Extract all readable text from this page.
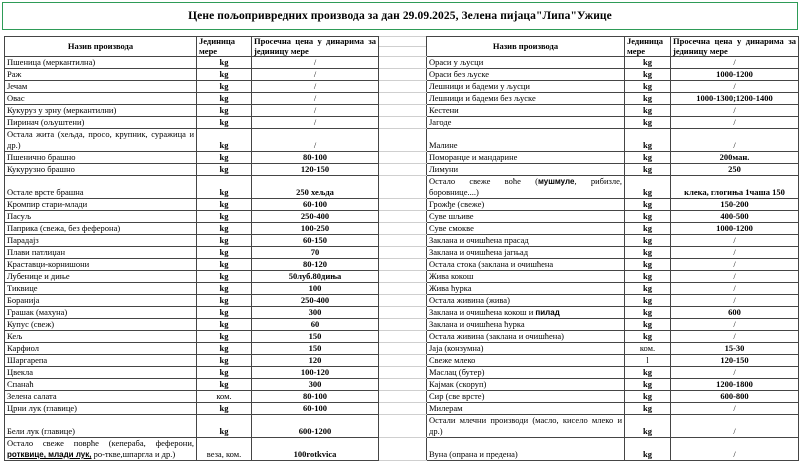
Цене пољопривредних производа за дан 29.09.2025, Зелена пијаца"Липа"Ужице
Назив производа	Јединица мере	Просечна цена у динарима за јединицу мере		Назив производа	Јединица мере	Просечна цена у динарима за јединицу мере
Пшеница (меркантилна)	kg	/		Ораси у љусци	kg	/
Раж	kg	/		Ораси без љуске	kg	1000-1200
Јечам	kg	/		Лешници и бадеми у љусци	kg	/
Овас	kg	/		Лешници и бадеми без љуске	kg	1000-1300;1200-1400
Кукуруз у зрну (меркантилни)	kg	/		Кестени	kg	/
Пиринач (ољуштени)	kg	/		Јагоде	kg	/
Остала жита (хељда, просо, крупник, суражица и др.)	kg	/		Малине	kg	/
Пшенично брашно	kg	80-100		Поморанџе и мандарине	kg	200ман.
Кукурузно брашно	kg	120-150		Лимуни	kg	250
Остале врсте брашна	kg	250 хељда		Остало свеже воће (мушмуле, рибизле, боровнице....)	kg	клека, глогиња 1чаша 150
Кромпир стари-млади	kg	60-100		Грожђе (свеже)	kg	150-200
Пасуљ	kg	250-400		Суве шљиве	kg	400-500
Паприка (свежа, без феферона)	kg	100-250		Суве смокве	kg	1000-1200
Парадајз	kg	60-150		Заклана и очишћена прасад	kg	/
Плави патлиџан	kg	70		Заклана и очишћена јагњад	kg	/
Краставци-корнишони	kg	80-120		Остала стока (заклана и очишћена	kg	/
Лубенице и диње	kg	50луб.80диња		Жива кокош	kg	/
Тиквице	kg	100		Жива ћурка	kg	/
Боранија	kg	250-400		Остала живина (жива)	kg	/
Грашак (махуна)	kg	300		Заклана и очишћена кокош и пилад	kg	600
Купус (свеж)	kg	60		Заклана и очишћена ћурка	kg	/
Кељ	kg	150		Остала живина (заклана и очишћена)	kg	/
Карфиол	kg	150		Јаја (конзумна)	ком.	15-30
Шаргарепа	kg	120		Свеже млеко	l	120-150
Цвекла	kg	100-120		Маслац (бутер)	kg	/
Спанаћ	kg	300		Кајмак (скоруп)	kg	1200-1800
Зелена салата	ком.	80-100		Сир (све врсте)	kg	600-800
Црни лук (главице)	kg	60-100		Милерам	kg	/
Бели лук (главице)	kg	600-1200		Остали млечни производи (масло, кисело млеко и др.)	kg	/
Остало свеже поврће (кепераба, феферони, ротквице, млади лук, ро-ткве,шпаргла и др.)	веза, ком.	100rotkvica		Вуна (опрана и предена)	kg	/
